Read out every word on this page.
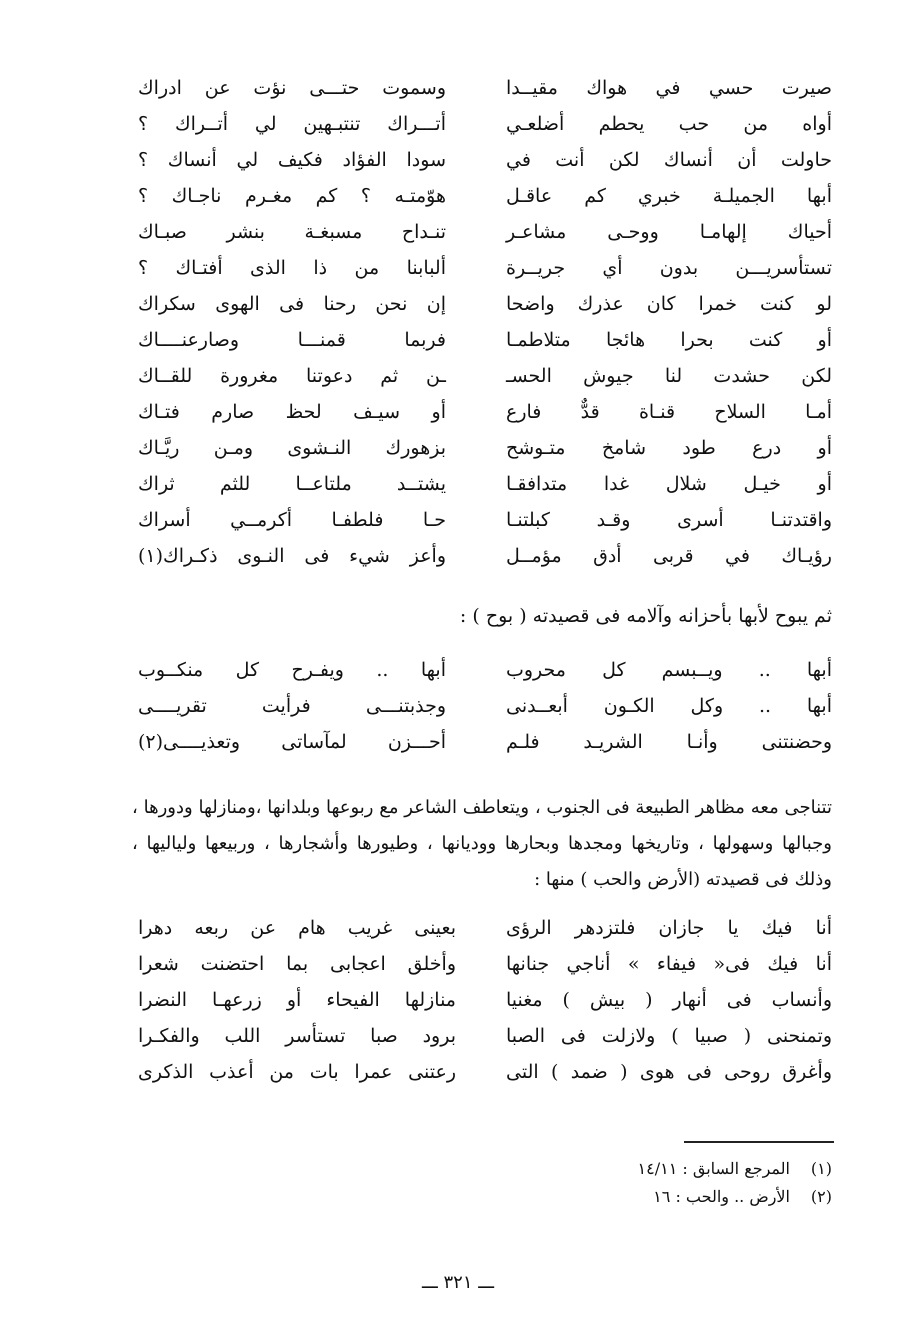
صيرت حسي في هواك مقيــدا
وسموت حتـــى نؤت عن ادراك
أواه من حب يحطم أضلعـي
أتـــراك تنتبـهين لي أتــراك ؟
حاولت أن أنساك لكن أنت في
سودا الفؤاد فكيف لي أنساك ؟
أبها الجميلـة خبري كم عاقـل
هوّمتـه ؟ كم مغـرم ناجـاك ؟
أحياك إلهامـا ووحـى مشاعـر
تنـداح مسبغـة بنشر صبـاك
تستأسريـــن بدون أي جريــرة
ألبابنا من ذا الذى أفتـاك ؟
لو كنت خمرا كان عذرك واضحا
إن نحن رحنا فى الهوى سكراك
أو كنت بحرا هائجا متلاطمـا
فربما قمنـــا وصارعنــــاك
لكن حشدت لنا جيوش الحسـ
ـن ثم دعوتنا مغرورة للقــاك
أمـا السلاح قنـاة قدٌّ فارع
أو سيـف لحظ صارم فتـاك
أو درع طود شامخ متـوشح
بزهورك النـشوى ومـن ريَّـاك
أو خيـل شلال غدا متدافقـا
يشتــد ملتاعــا للثم ثراك
واقتدتنـا أسرى وقـد كبلتنـا
حـا فلطفـا أكرمــي أسراك
رؤيـاك في قربى أدق مؤمــل
وأعز شيء فى النـوى ذكـراك(١)
ثم يبوح لأبها بأحزانه وآلامه فى قصيدته ( بوح ) :
أبها .. ويــبسم كل محروب
أبها .. ويفـرح كل منكــوب
أبها .. وكل الكـون أبعــدنى
وجذبتنـــى فرأيت تقريــــى
وحضنتنى وأنـا الشريـد فلـم
أحـــزن لمآساتى وتعذيــــى(٢)
تتناجى معه مظاهر الطبيعة فى الجنوب ، ويتعاطف الشاعر مع ربوعها وبلدانها ،ومنازلها ودورها ، وجبالها وسهولها ، وتاريخها ومجدها وبحارها ووديانها ، وطيورها وأشجارها ، وربيعها ولياليها ، وذلك فى قصيدته (الأرض والحب ) منها :
أنا فيك يا جازان فلتزدهر الرؤى
بعينى غريب هام عن ربعه دهرا
أنا فيك فى« فيفاء » أناجي جنانها
وأخلق اعجابى بما احتضنت شعرا
وأنساب فى أنهار ( بيش ) مغنيا
منازلها الفيحاء أو زرعهـا النضرا
وتمنحنى ( صبيا ) ولازلت فى الصبا
برود صبا تستأسر اللب والفكـرا
وأغرق روحى فى هوى ( ضمد ) التى
رعتنى عمرا بات من أعذب الذكرى
(١)المرجع السابق : ١٤/١١
(٢)الأرض .. والحب : ١٦
ـــ ٣٢١ ـــ
